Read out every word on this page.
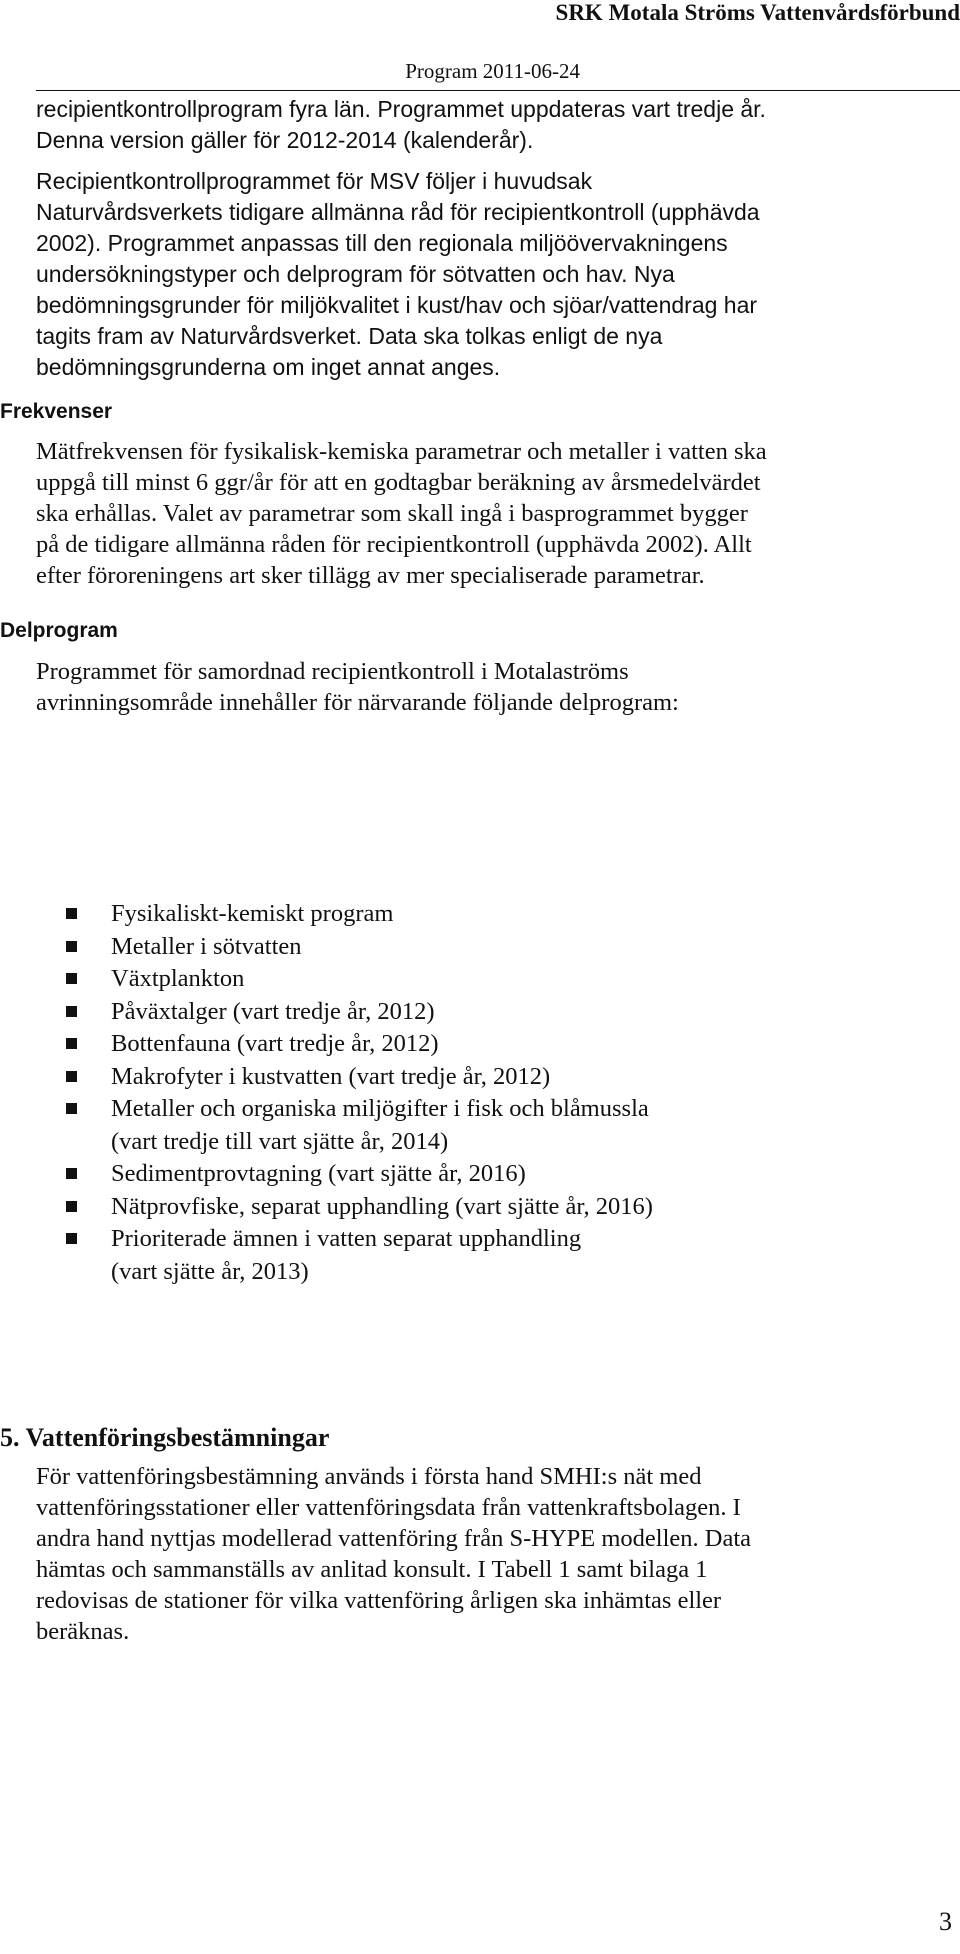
SRK Motala Ströms Vattenvårdsförbund
Program 2011-06-24
recipientkontrollprogram fyra län. Programmet uppdateras vart tredje år.
Denna version gäller för 2012-2014 (kalenderår).
Recipientkontrollprogrammet för MSV följer i huvudsak
Naturvårdsverkets tidigare allmänna råd för recipientkontroll (upphävda
2002). Programmet anpassas till den regionala miljöövervakningens
undersökningstyper och delprogram för sötvatten och hav. Nya
bedömningsgrunder för miljökvalitet i kust/hav och sjöar/vattendrag har
tagits fram av Naturvårdsverket. Data ska tolkas enligt de nya
bedömningsgrunderna om inget annat anges.
Frekvenser
Mätfrekvensen för fysikalisk-kemiska parametrar och metaller i vatten ska
uppgå till minst 6 ggr/år för att en godtagbar beräkning av årsmedelvärdet
ska erhållas. Valet av parametrar som skall ingå i basprogrammet bygger
på de tidigare allmänna råden för recipientkontroll (upphävda 2002). Allt
efter föroreningens art sker tillägg av mer specialiserade parametrar.
Delprogram
Programmet för samordnad recipientkontroll i Motalaströms
avrinningsområde innehåller för närvarande följande delprogram:
Fysikaliskt-kemiskt program
Metaller i sötvatten
Växtplankton
Påväxtalger (vart tredje år, 2012)
Bottenfauna (vart tredje år, 2012)
Makrofyter i kustvatten (vart tredje år, 2012)
Metaller och organiska miljögifter i fisk och blåmussla
(vart tredje till vart sjätte år, 2014)
Sedimentprovtagning (vart sjätte år, 2016)
Nätprovfiske, separat upphandling (vart sjätte år, 2016)
Prioriterade ämnen i vatten separat upphandling
(vart sjätte år, 2013)
5. Vattenföringsbestämningar
För vattenföringsbestämning används i första hand SMHI:s nät med
vattenföringsstationer eller vattenföringsdata från vattenkraftsbolagen. I
andra hand nyttjas modellerad vattenföring från S-HYPE modellen. Data
hämtas och sammanställs av anlitad konsult. I Tabell 1 samt bilaga 1
redovisas de stationer för vilka vattenföring årligen ska inhämtas eller
beräknas.
3
